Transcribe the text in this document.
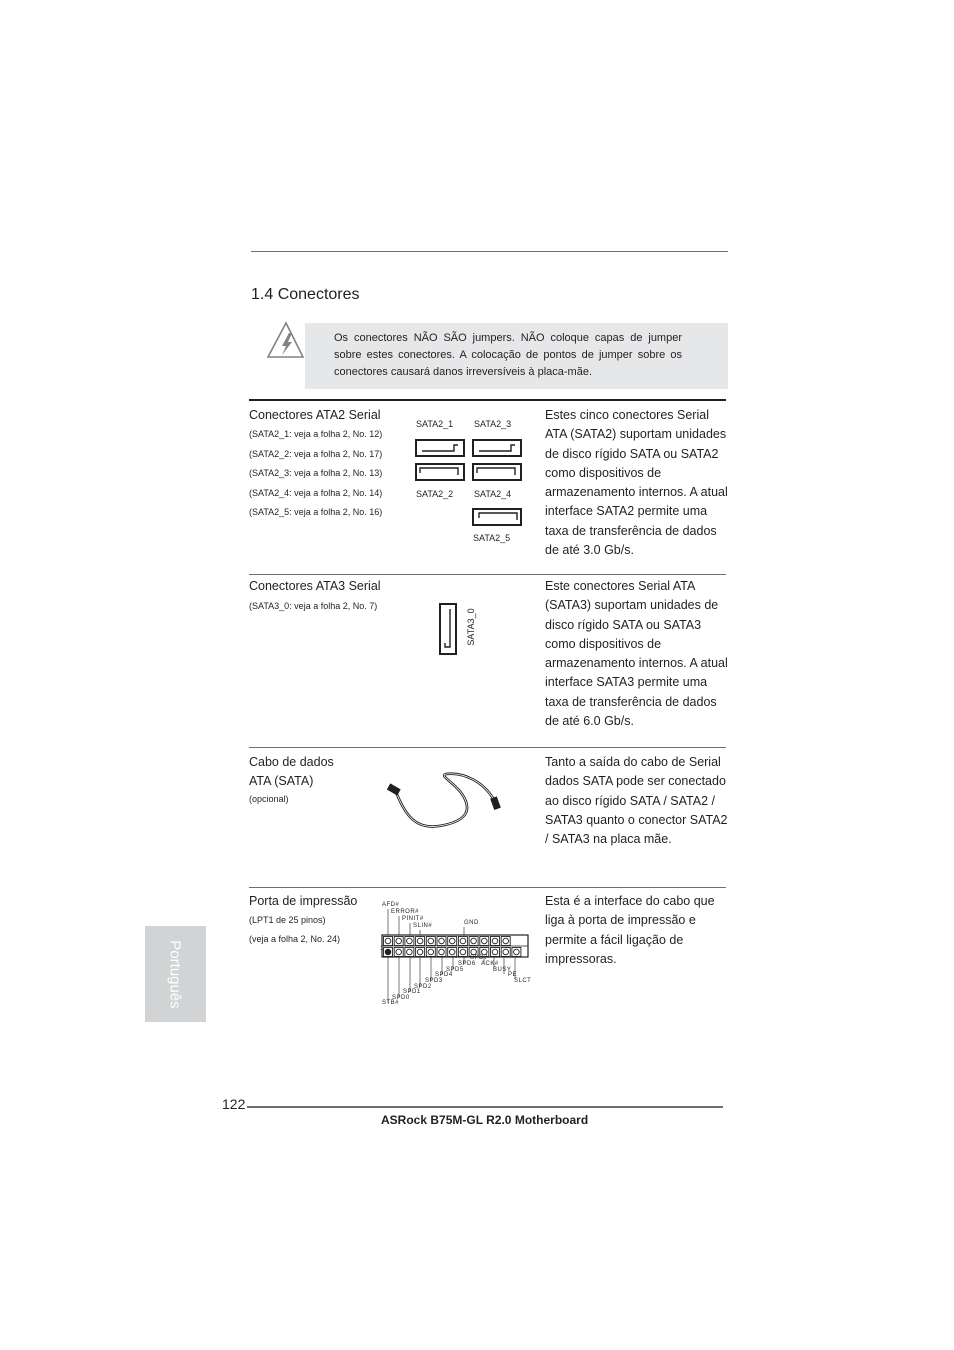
1.4 Conectores
Os conectores NÃO SÃO jumpers. NÃO coloque capas de jumper sobre estes conectores. A colocação de pontos de jumper sobre os conectores causará danos irreversíveis à placa-mãe.
Conectores ATA2 Serial
(SATA2_1: veja a folha 2, No. 12)
(SATA2_2: veja a folha 2, No. 17)
(SATA2_3: veja a folha 2, No. 13)
(SATA2_4: veja a folha 2, No. 14)
(SATA2_5: veja a folha 2, No. 16)
SATA2_1 SATA2_3
SATA2_2 SATA2_4
SATA2_5
Estes cinco conectores Serial ATA (SATA2) suportam unidades de disco rígido SATA ou SATA2 como dispositivos de armazenamento internos. A atual interface SATA2 permite uma taxa de transferência de dados de até 3.0 Gb/s.
Conectores ATA3 Serial
(SATA3_0: veja a folha 2, No. 7)
SATA3_0
Este conectores Serial ATA (SATA3) suportam unidades de disco rígido SATA ou SATA3 como dispositivos de armazenamento internos. A atual interface SATA3 permite uma taxa de transferência de dados de até 6.0 Gb/s.
Cabo de dados
ATA (SATA)
(opcional)
Tanto a saída do cabo de Serial dados SATA pode ser conectado ao disco rígido SATA / SATA2 / SATA3 quanto o conector SATA2 / SATA3 na placa mãe.
Porta de impressão
(LPT1 de 25 pinos)
(veja a folha 2, No. 24)
AFD#
ERROR#
PINIT#
SLIN#	GND
1
SPD7
SPD6 ACK#
SPD5	BUSY
SPD4	PE
SPD3	SLCT
SPD2
SPD1
SPD0
STB#
Esta é a interface do cabo que liga à porta de impressão e permite a fácil ligação de impressoras.
Português
122
ASRock B75M-GL R2.0 Motherboard
